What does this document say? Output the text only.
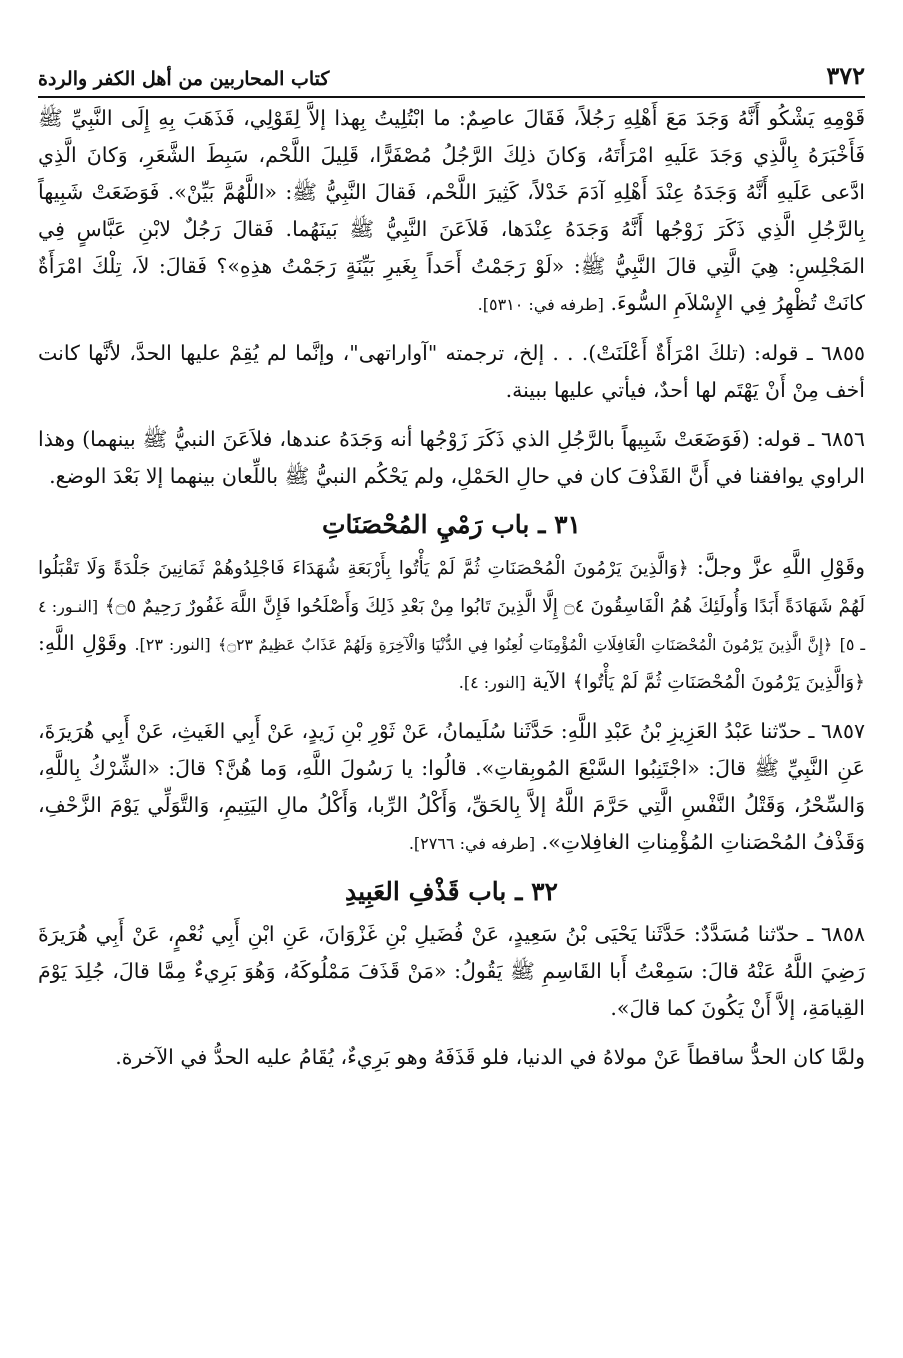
٣٧٢
كتاب المحاربين من أهل الكفر والردة

قَوْمِهِ يَشْكُو أَنَّهُ وَجَدَ مَعَ أَهْلِهِ رَجُلاً، فَقَالَ عاصِمٌ: ما ابْتُلِيتُ بِهذا إلاَّ لِقَوْلِي، فَذَهَبَ بِهِ إِلَى النَّبِيِّ ﷺ فَأَخْبَرَهُ بِالَّذِي وَجَدَ عَلَيهِ امْرَأَتَهُ، وَكانَ ذلِكَ الرَّجُلُ مُصْفَرًّا، قَلِيلَ اللَّحْم، سَبِطَ الشَّعَرِ، وَكانَ الَّذِي ادَّعى عَلَيهِ أَنَّهُ وَجَدَهُ عِنْدَ أَهْلِهِ آدَمَ خَدْلاً، كَثِيرَ اللَّحْم، فَقالَ النَّبِيُّ ﷺ: «اللَّهُمَّ بَيِّنْ». فَوَضَعَتْ شَبِيهاً بِالرَّجُلِ الَّذِي ذَكَرَ زَوْجُها أَنَّهُ وَجَدَهُ عِنْدَها، فَلاَعَنَ النَّبِيُّ ﷺ بَينَهُما. فَقالَ رَجُلٌ لابْنِ عَبَّاسٍ فِي المَجْلِسِ: هِيَ الَّتِي قالَ النَّبِيُّ ﷺ: «لَوْ رَجَمْتُ أَحَداً بِغَيرِ بَيِّنَةٍ رَجَمْتُ هذِهِ»؟ فَقالَ: لاَ، تِلْكَ امْرَأَةٌ كانَتْ تُظْهِرُ فِي الإِسْلاَمِ السُّوءَ. [طرفه في: ٥٣١٠].

٦٨٥٥ ـ قوله: (تلكَ امْرَأَةٌ أَعْلَنَتْ). . . إلخ، ترجمته "آواراتهى"، وإنَّما لم يُقِمْ عليها الحدَّ، لأنَّها كانت أخف مِنْ أَنْ يَهْتَم لها أحدٌ، فيأتي عليها ببينة.

٦٨٥٦ ـ قوله: (فَوَضَعَتْ شَبِيهاً بالرَّجُلِ الذي ذَكَرَ زَوْجُها أنه وَجَدَهُ عندها، فلاَعَنَ النبيُّ ﷺ بينهما) وهذا الراوي يوافقنا في أَنَّ القَذْفَ كان في حالِ الحَمْلِ، ولم يَحْكُم النبيُّ ﷺ باللِّعان بينهما إلا بَعْدَ الوضع.

٣١ ـ باب رَمْيِ المُحْصَنَاتِ

وقَوْلِ اللَّهِ عزَّ وجلَّ: ﴿وَالَّذِينَ يَرْمُونَ الْمُحْصَنَاتِ ثُمَّ لَمْ يَأْتُوا بِأَرْبَعَةِ شُهَدَاءَ فَاجْلِدُوهُمْ ثَمَانِينَ جَلْدَةً وَلَا تَقْبَلُوا لَهُمْ شَهَادَةً أَبَدًا وَأُولَئِكَ هُمُ الْفَاسِقُونَ ۝٤ إِلَّا الَّذِينَ تَابُوا مِنْ بَعْدِ ذَلِكَ وَأَصْلَحُوا فَإِنَّ اللَّهَ غَفُورٌ رَحِيمٌ ۝٥﴾ [النـور: ٤ ـ ٥] ﴿إِنَّ الَّذِينَ يَرْمُونَ الْمُحْصَنَاتِ الْغَافِلَاتِ الْمُؤْمِنَاتِ لُعِنُوا فِي الدُّنْيَا وَالْآخِرَةِ وَلَهُمْ عَذَابٌ عَظِيمٌ ۝٢٣﴾ [النور: ٢٣]. وقَوْلِ اللَّهِ: ﴿وَالَّذِينَ يَرْمُونَ الْمُحْصَنَاتِ ثُمَّ لَمْ يَأْتُوا﴾ الآية [النور: ٤].

٦٨٥٧ ـ حدّثنا عَبْدُ العَزِيزِ بْنُ عَبْدِ اللَّهِ: حَدَّثَنا سُلَيمانُ، عَنْ ثَوْرِ بْنِ زَيدٍ، عَنْ أَبِي الغَيثِ، عَنْ أَبِي هُرَيرَةَ، عَنِ النَّبِيِّ ﷺ قالَ: «اجْتَنِبُوا السَّبْعَ المُوبِقاتِ». قالُوا: يا رَسُولَ اللَّهِ، وَما هُنَّ؟ قالَ: «الشِّرْكُ بِاللَّهِ، وَالسِّحْرُ، وَقَتْلُ النَّفْسِ الَّتِي حَرَّمَ اللَّهُ إلاَّ بِالحَقِّ، وَأَكْلُ الرِّبا، وَأَكْلُ مالِ اليَتِيمِ، وَالتَّوَلِّي يَوْمَ الزَّحْفِ، وَقَذْفُ المُحْصَناتِ المُؤْمِناتِ الغافِلاتِ». [طرفه في: ٢٧٦٦].

٣٢ ـ باب قَذْفِ العَبِيدِ

٦٨٥٨ ـ حدّثنا مُسَدَّدٌ: حَدَّثَنا يَحْيَى بْنُ سَعِيدٍ، عَنْ فُضَيلِ بْنِ غَزْوَانَ، عَنِ ابْنِ أَبِي نُعْمٍ، عَنْ أَبِي هُرَيرَةَ رَضِيَ اللَّهُ عَنْهُ قالَ: سَمِعْتُ أَبا القَاسِمِ ﷺ يَقُولُ: «مَنْ قَذَفَ مَمْلُوكَهُ، وَهُوَ بَرِيءٌ مِمَّا قالَ، جُلِدَ يَوْمَ القِيامَةِ، إلاَّ أَنْ يَكُونَ كما قالَ».

ولمَّا كان الحدُّ ساقطاً عَنْ مولاهُ في الدنيا، فلو قَذَفَهُ وهو بَرِيءٌ، يُقَامُ عليه الحدُّ في الآخرة.
